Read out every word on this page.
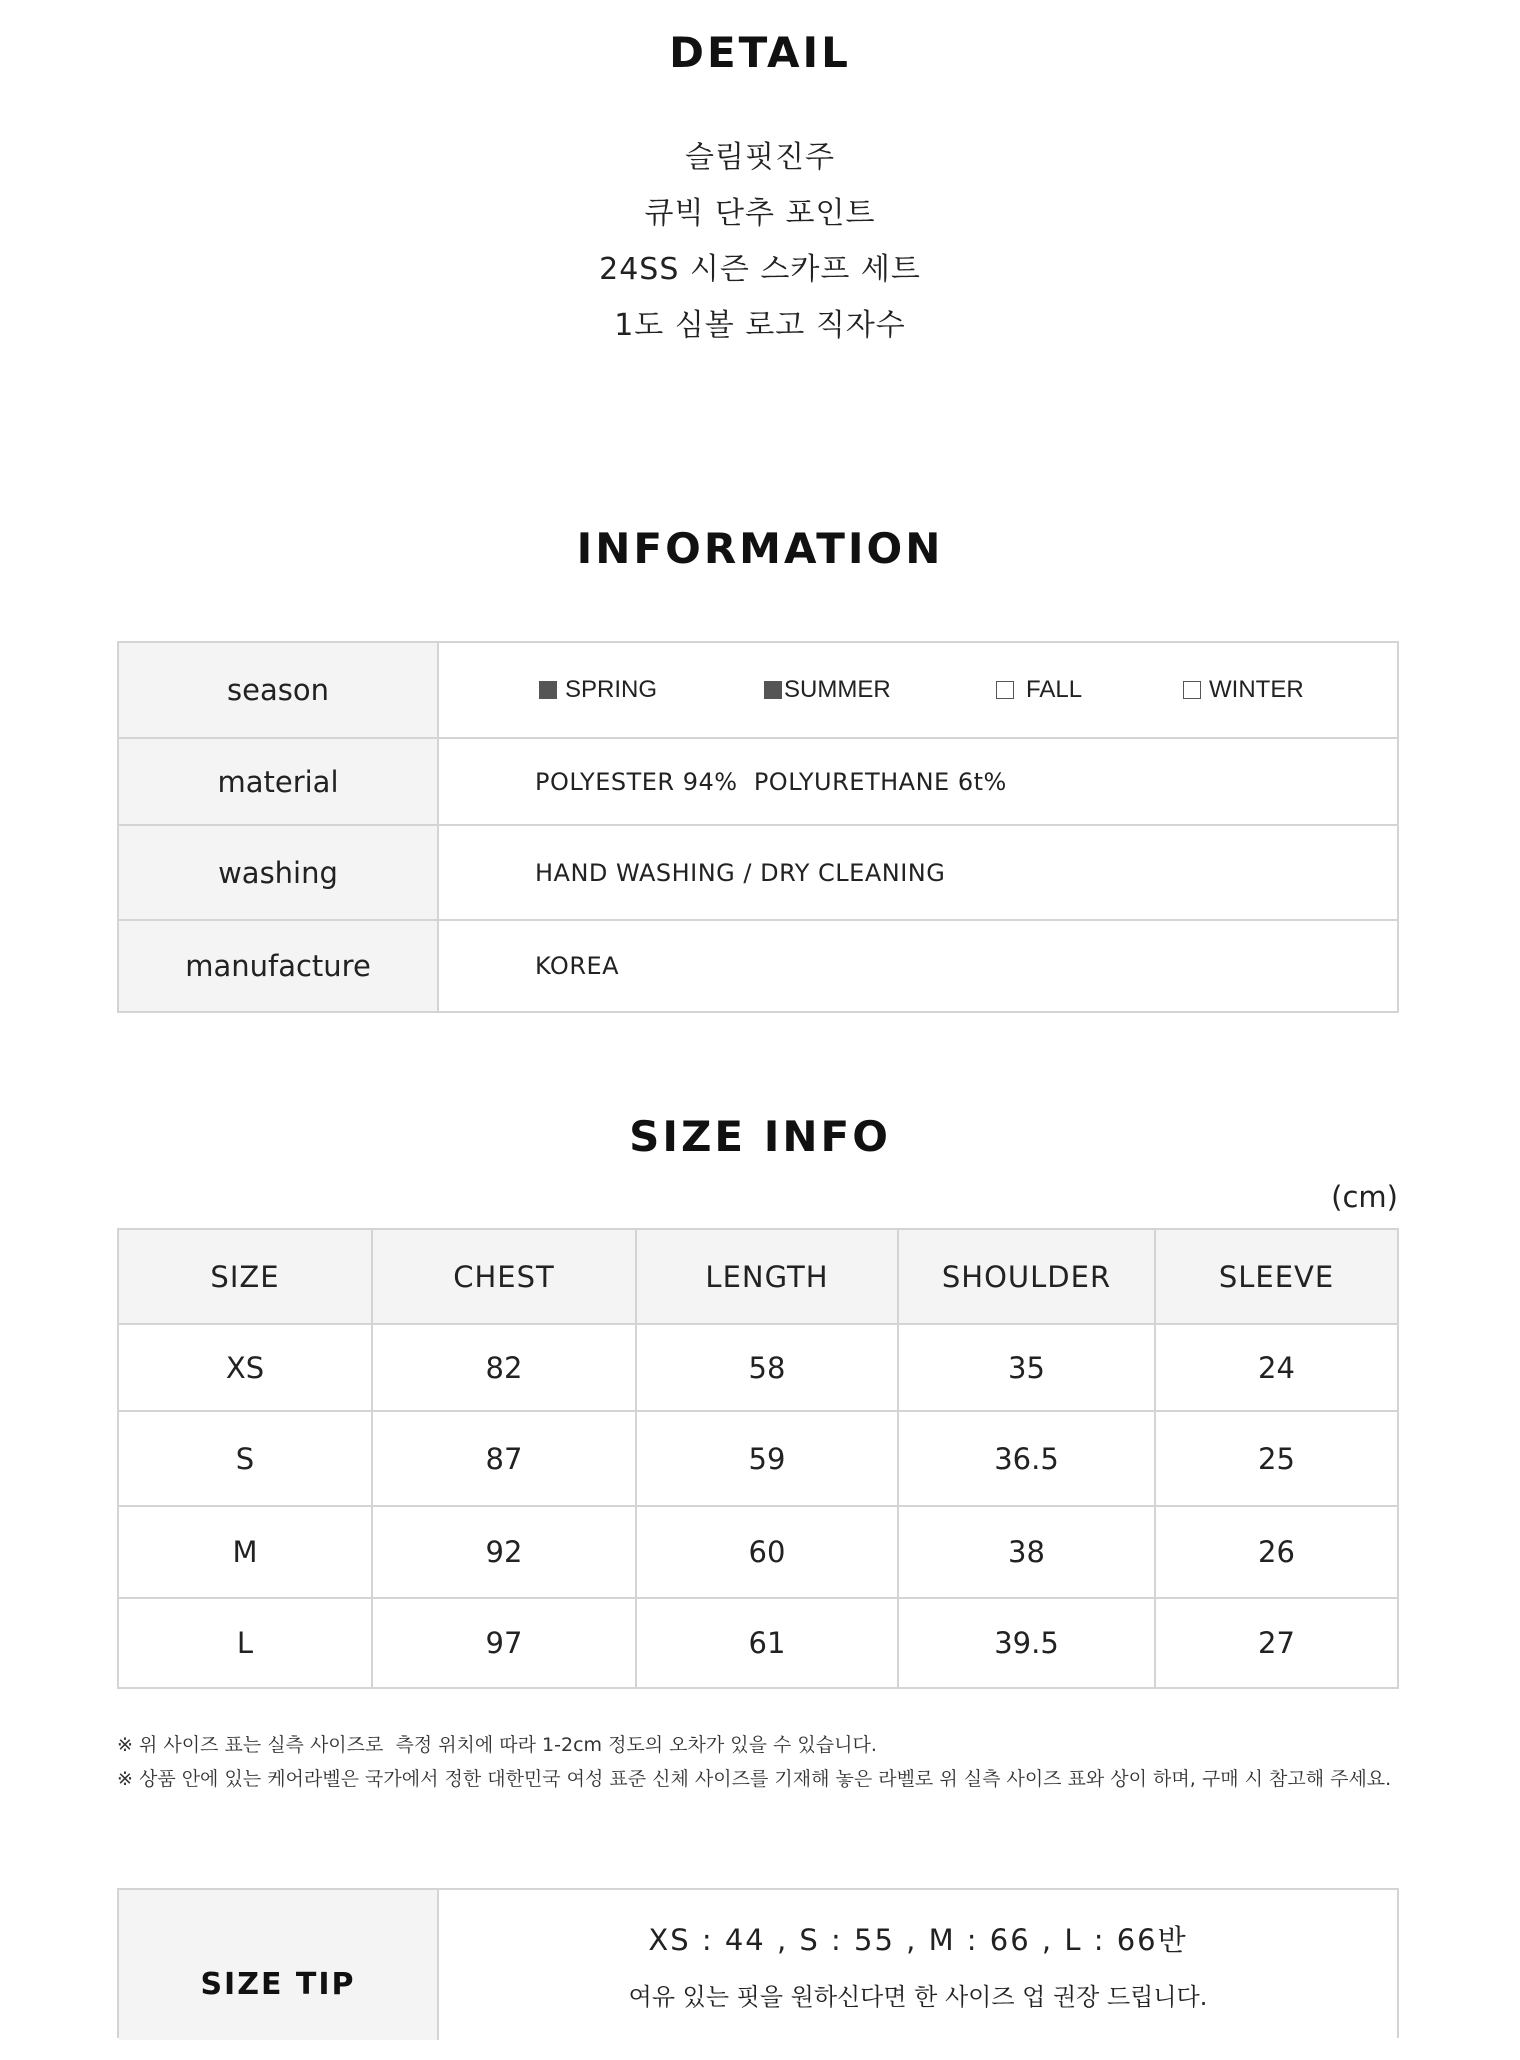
DETAIL
슬림핏진주
큐빅 단추 포인트
24SS 시즌 스카프 세트
1도 심볼 로고 직자수
INFORMATION
season	SPRING SUMMER FALL WINTER

material	POLYESTER 94%  POLYURETHANE 6t%
washing	HAND WASHING / DRY CLEANING
manufacture	KOREA
SIZE INFO
(cm)
SIZE	CHEST	LENGTH	SHOULDER	SLEEVE
XS	82	58	35	24
S	87	59	36.5	25
M	92	60	38	26
L	97	61	39.5	27
※ 위 사이즈 표는 실측 사이즈로  측정 위치에 따라 1-2cm 정도의 오차가 있을 수 있습니다.
※ 상품 안에 있는 케어라벨은 국가에서 정한 대한민국 여성 표준 신체 사이즈를 기재해 놓은 라벨로 위 실측 사이즈 표와 상이 하며, 구매 시 참고해 주세요.
SIZE TIP
XS : 44 , S : 55 , M : 66 , L : 66반
여유 있는 핏을 원하신다면 한 사이즈 업 권장 드립니다.
